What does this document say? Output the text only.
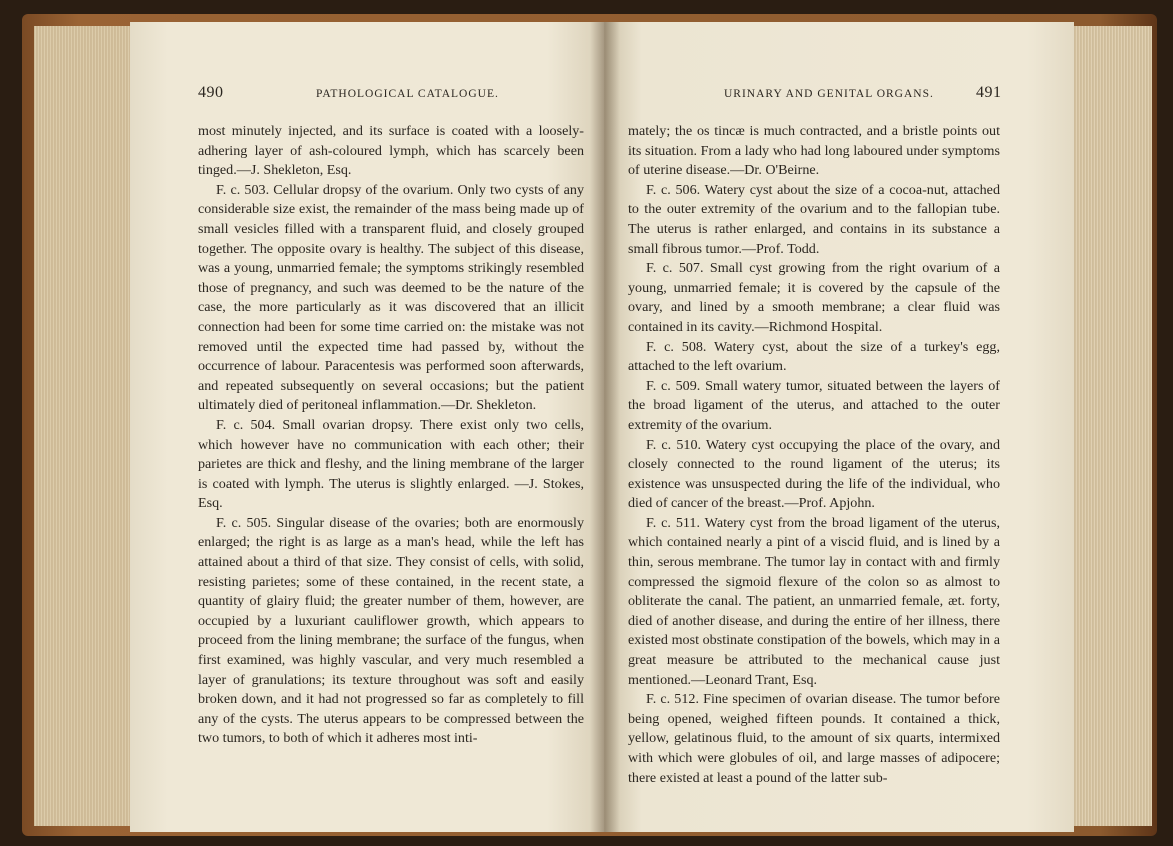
490	PATHOLOGICAL CATALOGUE.

most minutely injected, and its surface is coated with a loosely-adhering layer of ash-coloured lymph, which has scarcely been tinged.—J. Shekleton, Esq.

F. c. 503. Cellular dropsy of the ovarium. Only two cysts of any considerable size exist, the remainder of the mass being made up of small vesicles filled with a transparent fluid, and closely grouped together. The opposite ovary is healthy. The subject of this disease, was a young, unmarried female; the symptoms strikingly resembled those of pregnancy, and such was deemed to be the nature of the case, the more particularly as it was discovered that an illicit connection had been for some time carried on: the mistake was not removed until the expected time had passed by, without the occurrence of labour. Paracentesis was performed soon afterwards, and repeated subsequently on several occasions; but the patient ultimately died of peritoneal inflammation.—Dr. Shekleton.

F. c. 504. Small ovarian dropsy. There exist only two cells, which however have no communication with each other; their parietes are thick and fleshy, and the lining membrane of the larger is coated with lymph. The uterus is slightly enlarged. —J. Stokes, Esq.

F. c. 505. Singular disease of the ovaries; both are enormously enlarged; the right is as large as a man's head, while the left has attained about a third of that size. They consist of cells, with solid, resisting parietes; some of these contained, in the recent state, a quantity of glairy fluid; the greater number of them, however, are occupied by a luxuriant cauliflower growth, which appears to proceed from the lining membrane; the surface of the fungus, when first examined, was highly vascular, and very much resembled a layer of granulations; its texture throughout was soft and easily broken down, and it had not progressed so far as completely to fill any of the cysts. The uterus appears to be compressed between the two tumors, to both of which it adheres most inti-

URINARY AND GENITAL ORGANS.	491

mately; the os tincæ is much contracted, and a bristle points out its situation. From a lady who had long laboured under symptoms of uterine disease.—Dr. O'Beirne.

F. c. 506. Watery cyst about the size of a cocoa-nut, attached to the outer extremity of the ovarium and to the fallopian tube. The uterus is rather enlarged, and contains in its substance a small fibrous tumor.—Prof. Todd.

F. c. 507. Small cyst growing from the right ovarium of a young, unmarried female; it is covered by the capsule of the ovary, and lined by a smooth membrane; a clear fluid was contained in its cavity.—Richmond Hospital.

F. c. 508. Watery cyst, about the size of a turkey's egg, attached to the left ovarium.

F. c. 509. Small watery tumor, situated between the layers of the broad ligament of the uterus, and attached to the outer extremity of the ovarium.

F. c. 510. Watery cyst occupying the place of the ovary, and closely connected to the round ligament of the uterus; its existence was unsuspected during the life of the individual, who died of cancer of the breast.—Prof. Apjohn.

F. c. 511. Watery cyst from the broad ligament of the uterus, which contained nearly a pint of a viscid fluid, and is lined by a thin, serous membrane. The tumor lay in contact with and firmly compressed the sigmoid flexure of the colon so as almost to obliterate the canal. The patient, an unmarried female, æt. forty, died of another disease, and during the entire of her illness, there existed most obstinate constipation of the bowels, which may in a great measure be attributed to the mechanical cause just mentioned.—Leonard Trant, Esq.

F. c. 512. Fine specimen of ovarian disease. The tumor before being opened, weighed fifteen pounds. It contained a thick, yellow, gelatinous fluid, to the amount of six quarts, intermixed with which were globules of oil, and large masses of adipocere; there existed at least a pound of the latter sub-
